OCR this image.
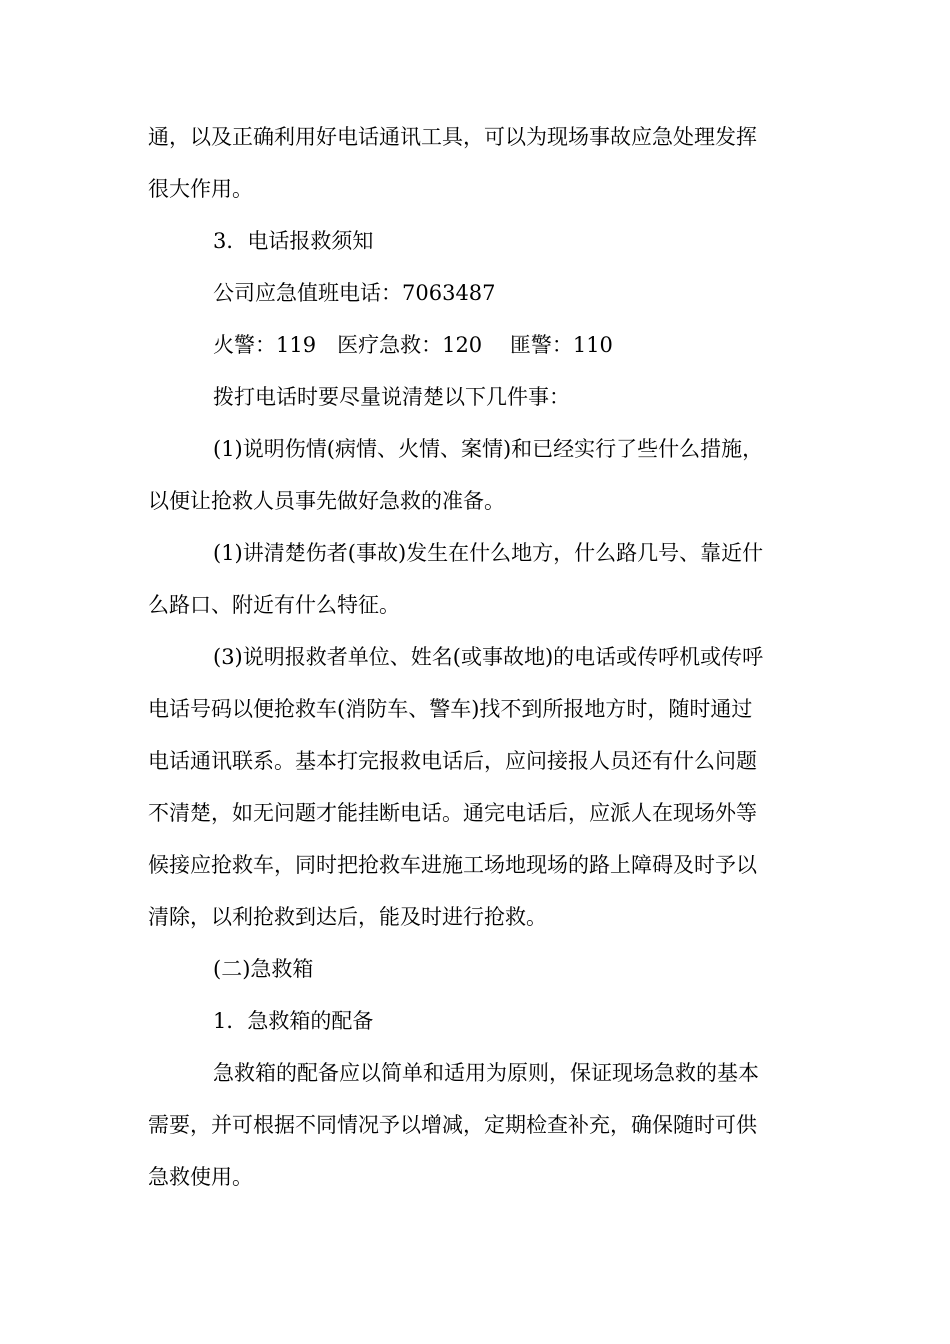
通，以及正确利用好电话通讯工具，可以为现场事故应急处理发挥
很大作用。
3．电话报救须知
公司应急值班电话：7063487
火警：119　医疗急救：120　 匪警：110
拨打电话时要尽量说清楚以下几件事：
(1)说明伤情(病情、火情、案情)和已经实行了些什么措施，
以便让抢救人员事先做好急救的准备。
(1)讲清楚伤者(事故)发生在什么地方，什么路几号、靠近什
么路口、附近有什么特征。
(3)说明报救者单位、姓名(或事故地)的电话或传呼机或传呼
电话号码以便抢救车(消防车、警车)找不到所报地方时，随时通过
电话通讯联系。基本打完报救电话后，应问接报人员还有什么问题
不清楚，如无问题才能挂断电话。通完电话后，应派人在现场外等
候接应抢救车，同时把抢救车进施工场地现场的路上障碍及时予以
清除，以利抢救到达后，能及时进行抢救。
(二)急救箱
1．急救箱的配备
急救箱的配备应以简单和适用为原则，保证现场急救的基本
需要，并可根据不同情况予以增减，定期检查补充，确保随时可供
急救使用。
